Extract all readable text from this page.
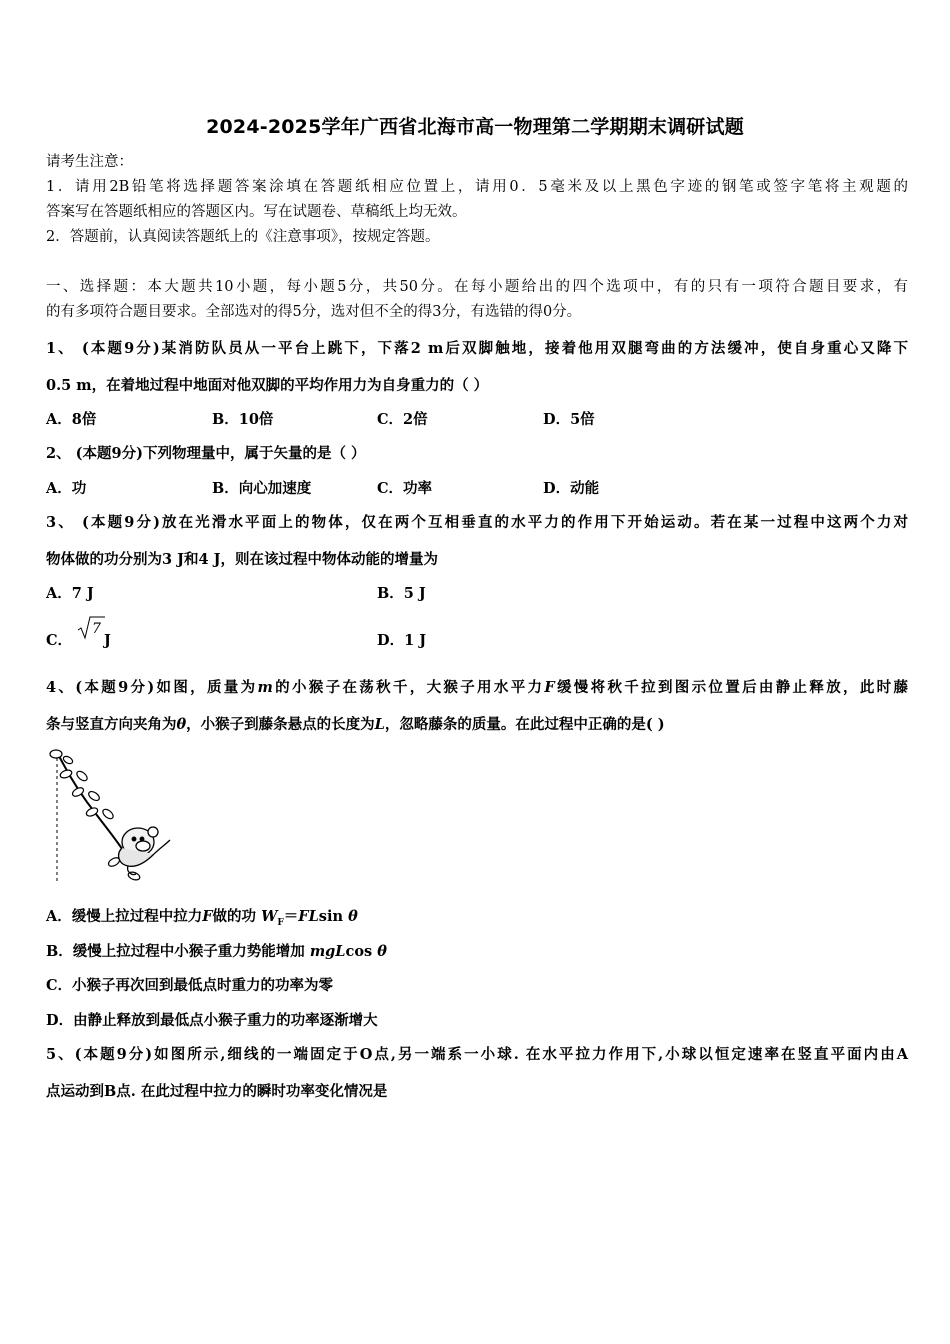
2024-2025学年广西省北海市高一物理第二学期期末调研试题
请考生注意：
1．请用2B铅笔将选择题答案涂填在答题纸相应位置上，请用0．5毫米及以上黑色字迹的钢笔或签字笔将主观题的
答案写在答题纸相应的答题区内。写在试题卷、草稿纸上均无效。
2．答题前，认真阅读答题纸上的《注意事项》，按规定答题。
一、选择题：本大题共10小题，每小题5分，共50分。在每小题给出的四个选项中，有的只有一项符合题目要求，有
的有多项符合题目要求。全部选对的得5分，选对但不全的得3分，有选错的得0分。
1、 (本题9分)某消防队员从一平台上跳下，下落2 m后双脚触地，接着他用双腿弯曲的方法缓冲，使自身重心又降下
0.5 m，在着地过程中地面对他双脚的平均作用力为自身重力的（ ）
A．8倍	B．10倍	C．2倍	D．5倍
2、 (本题9分)下列物理量中，属于矢量的是（ ）
A．功	B．向心加速度	C．功率	D．动能
3、 (本题9分)放在光滑水平面上的物体，仅在两个互相垂直的水平力的作用下开始运动。若在某一过程中这两个力对
物体做的功分别为3 J和4 J，则在该过程中物体动能的增量为
A．7 J	B．5 J
C．
7
J	D．1 J
4、(本题9分)如图，质量为m的小猴子在荡秋千，大猴子用水平力F缓慢将秋千拉到图示位置后由静止释放，此时藤
条与竖直方向夹角为θ，小猴子到藤条悬点的长度为L，忽略藤条的质量。在此过程中正确的是( )
A．缓慢上拉过程中拉力F做的功 $W_F=FLsin$ θ
B．缓慢上拉过程中小猴子重力势能增加 mgLcos θ
C．小猴子再次回到最低点时重力的功率为零
D．由静止释放到最低点小猴子重力的功率逐渐增大
5、(本题9分)如图所示,细线的一端固定于O点,另一端系一小球. 在水平拉力作用下,小球以恒定速率在竖直平面内由A
点运动到B点. 在此过程中拉力的瞬时功率变化情况是
